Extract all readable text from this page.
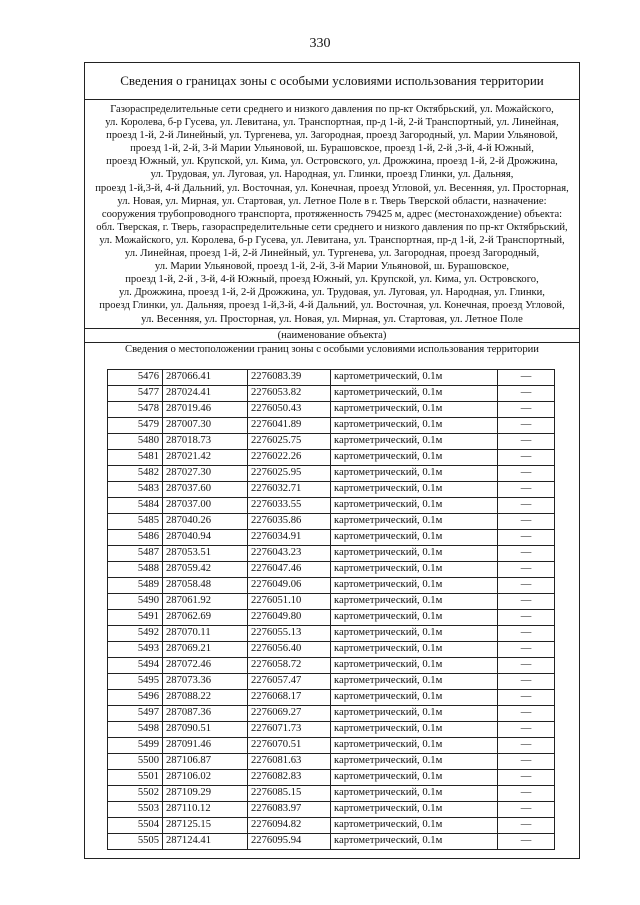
330
Сведения о границах зоны с особыми условиями использования территории
Газораспределительные сети среднего и низкого давления по пр-кт Октябрьский, ул. Можайского,
ул. Королева, б-р Гусева, ул. Левитана, ул. Транспортная, пр-д 1-й, 2-й Транспортный, ул. Линейная,
проезд 1-й, 2-й Линейный, ул. Тургенева, ул. Загородная, проезд Загородный, ул. Марии Ульяновой,
проезд 1-й, 2-й, 3-й Марии Ульяновой, ш. Бурашовское, проезд 1-й, 2-й ,3-й, 4-й Южный,
проезд Южный, ул. Крупской, ул. Кима, ул. Островского, ул. Дрожжина, проезд 1-й, 2-й Дрожжина,
ул. Трудовая, ул. Луговая, ул. Народная, ул. Глинки, проезд Глинки, ул. Дальняя,
проезд 1-й,3-й, 4-й Дальний, ул. Восточная, ул. Конечная, проезд Угловой, ул. Весенняя, ул. Просторная,
ул. Новая, ул. Мирная, ул. Стартовая, ул. Летное Поле в г. Тверь Тверской области, назначение:
сооружения трубопроводного транспорта, протяженность 79425 м, адрес (местонахождение) объекта:
обл. Тверская, г. Тверь, газораспределительные сети среднего и низкого давления по пр-кт Октябрьский,
ул. Можайского, ул. Королева, б-р Гусева, ул. Левитана, ул. Транспортная, пр-д 1-й, 2-й Транспортный,
ул. Линейная, проезд 1-й, 2-й Линейный, ул. Тургенева, ул. Загородная, проезд Загородный,
ул. Марии Ульяновой, проезд 1-й, 2-й, 3-й Марии Ульяновой, ш. Бурашовское,
проезд 1-й, 2-й , 3-й, 4-й Южный, проезд Южный, ул. Крупской, ул. Кима, ул. Островского,
ул. Дрожжина, проезд 1-й, 2-й Дрожжина, ул. Трудовая, ул. Луговая, ул. Народная, ул. Глинки,
проезд Глинки, ул. Дальняя, проезд 1-й,3-й, 4-й Дальний, ул. Восточная, ул. Конечная, проезд Угловой,
ул. Весенняя, ул. Просторная, ул. Новая, ул. Мирная, ул. Стартовая, ул. Летное Поле
(наименование объекта)
Сведения о местоположении границ зоны с особыми условиями использования территории
5476	287066.41	2276083.39	картометрический, 0.1м	—
5477	287024.41	2276053.82	картометрический, 0.1м	—
5478	287019.46	2276050.43	картометрический, 0.1м	—
5479	287007.30	2276041.89	картометрический, 0.1м	—
5480	287018.73	2276025.75	картометрический, 0.1м	—
5481	287021.42	2276022.26	картометрический, 0.1м	—
5482	287027.30	2276025.95	картометрический, 0.1м	—
5483	287037.60	2276032.71	картометрический, 0.1м	—
5484	287037.00	2276033.55	картометрический, 0.1м	—
5485	287040.26	2276035.86	картометрический, 0.1м	—
5486	287040.94	2276034.91	картометрический, 0.1м	—
5487	287053.51	2276043.23	картометрический, 0.1м	—
5488	287059.42	2276047.46	картометрический, 0.1м	—
5489	287058.48	2276049.06	картометрический, 0.1м	—
5490	287061.92	2276051.10	картометрический, 0.1м	—
5491	287062.69	2276049.80	картометрический, 0.1м	—
5492	287070.11	2276055.13	картометрический, 0.1м	—
5493	287069.21	2276056.40	картометрический, 0.1м	—
5494	287072.46	2276058.72	картометрический, 0.1м	—
5495	287073.36	2276057.47	картометрический, 0.1м	—
5496	287088.22	2276068.17	картометрический, 0.1м	—
5497	287087.36	2276069.27	картометрический, 0.1м	—
5498	287090.51	2276071.73	картометрический, 0.1м	—
5499	287091.46	2276070.51	картометрический, 0.1м	—
5500	287106.87	2276081.63	картометрический, 0.1м	—
5501	287106.02	2276082.83	картометрический, 0.1м	—
5502	287109.29	2276085.15	картометрический, 0.1м	—
5503	287110.12	2276083.97	картометрический, 0.1м	—
5504	287125.15	2276094.82	картометрический, 0.1м	—
5505	287124.41	2276095.94	картометрический, 0.1м	—
